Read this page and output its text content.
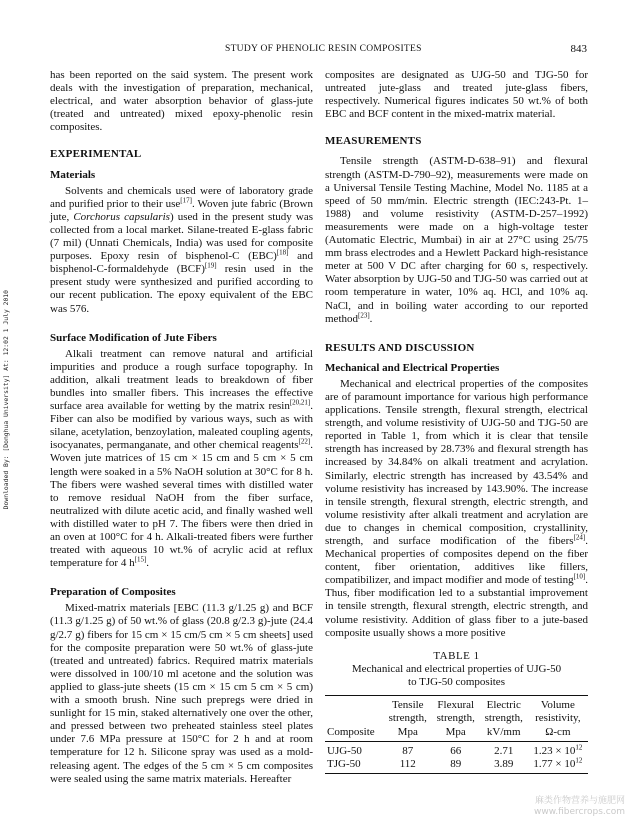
STUDY OF PHENOLIC RESIN COMPOSITES	843
Downloaded By: [Donghua University] At: 12:02 1 July 2010

has been reported on the said system. The present work deals with the investigation of preparation, mechanical, electrical, and water absorption behavior of glass-jute (treated and untreated) mixed epoxy-phenolic resin composites.

EXPERIMENTAL
Materials

Solvents and chemicals used were of laboratory grade and purified prior to their use[17]. Woven jute fabric (Brown jute, Corchorus capsularis) used in the present study was collected from a local market. Silane-treated E-glass fabric (7 mil) (Unnati Chemicals, India) was used for composite purposes. Epoxy resin of bisphenol-C (EBC)[18] and bisphenol-C-formaldehyde (BCF)[19] resin used in the present study were synthesized and purified according to our recent publication. The epoxy equivalent of the EBC was 576.

Surface Modification of Jute Fibers

Alkali treatment can remove natural and artificial impurities and produce a rough surface topography. In addition, alkali treatment leads to breakdown of fiber bundles into smaller fibers. This increases the effective surface area available for wetting by the matrix resin[20,21]. Fiber can also be modified by various ways, such as with silane, acetylation, benzoylation, maleated coupling agents, isocyanates, permanganate, and other chemical reagents[22]. Woven jute matrices of 15 cm × 15 cm and 5 cm × 5 cm length were soaked in a 5% NaOH solution at 30°C for 8 h. The fibers were washed several times with distilled water to remove residual NaOH from the fiber surface, neutralized with dilute acetic acid, and finally washed well with distilled water to pH 7. The fibers were then dried in an oven at 100°C for 4 h. Alkali-treated fibers were further treated with aqueous 10 wt.% of acrylic acid at reflux temperature for 4 h[15].

Preparation of Composites

Mixed-matrix materials [EBC (11.3 g/1.25 g) and BCF (11.3 g/1.25 g) of 50 wt.% of glass (20.8 g/2.3 g)-jute (24.4 g/2.7 g) fibers for 15 cm × 15 cm/5 cm × 5 cm sheets] used for the composite preparation were 50 wt.% of glass-jute (treated and untreated) fabrics. Required matrix materials were dissolved in 100/10 ml acetone and the solution was applied to glass-jute sheets (15 cm × 15 cm 5 cm × 5 cm) with a smooth brush. Nine such prepregs were dried in sunlight for 15 min, staked alternatively one over the other, and pressed between two preheated stainless steel plates under 7.6 MPa pressure at 150°C for 2 h and at room temperature for 12 h. Silicone spray was used as a mold-releasing agent. The edges of the 5 cm × 5 cm composites were sealed using the same matrix materials. Hereafter

composites are designated as UJG-50 and TJG-50 for untreated jute-glass and treated jute-glass fibers, respectively. Numerical figures indicates 50 wt.% of both EBC and BCF content in the mixed-matrix material.

MEASUREMENTS

Tensile strength (ASTM-D-638–91) and flexural strength (ASTM-D-790–92), measurements were made on a Universal Tensile Testing Machine, Model No. 1185 at a speed of 50 mm/min. Electric strength (IEC:243-Pt. 1–1988) and volume resistivity (ASTM-D-257–1992) measurements were made on a high-voltage tester (Automatic Electric, Mumbai) in air at 27°C using 25/75 mm brass electrodes and a Hewlett Packard high-resistance meter at 500 V DC after charging for 60 s, respectively. Water absorption by UJG-50 and TJG-50 was carried out at room temperature in water, 10% aq. HCl, and 10% aq. NaCl, and in boiling water according to our reported method[23].

RESULTS AND DISCUSSION
Mechanical and Electrical Properties

Mechanical and electrical properties of the composites are of paramount importance for various high performance applications. Tensile strength, flexural strength, electrical strength, and volume resistivity of UJG-50 and TJG-50 are reported in Table 1, from which it is clear that tensile strength has increased by 28.73% and flexural strength has increased by 34.84% on alkali treatment and acrylation. Similarly, electric strength has increased by 43.54% and volume resistivity has increased by 143.90%. The increase in tensile strength, flexural strength, electric strength, and volume resistivity after alkali treatment and acrylation are due to changes in chemical composition, crystallinity, strength, and surface modification of the fibers[24]. Mechanical properties of composites depend on the fiber content, fiber orientation, additives like fillers, compatibilizer, and impact modifier and mode of testing[10]. Thus, fiber modification led to a substantial improvement in tensile strength, flexural strength, electric strength, and volume resistivity. Addition of glass fiber to a jute-based composite usually shows a more positive

TABLE 1
Mechanical and electrical properties of UJG-50
to TJG-50 composites
	Tensile	Flexural	Electric	Volume
	strength,	strength,	strength,	resistivity,
Composite	Mpa	Mpa	kV/mm	Ω-cm
UJG-50	87	66	2.71	$1.23 \times 10^{12}$
TJG-50	112	89	3.89	$1.77 \times 10^{12}$
麻类作物营养与施肥网
www.fibercrops.com
